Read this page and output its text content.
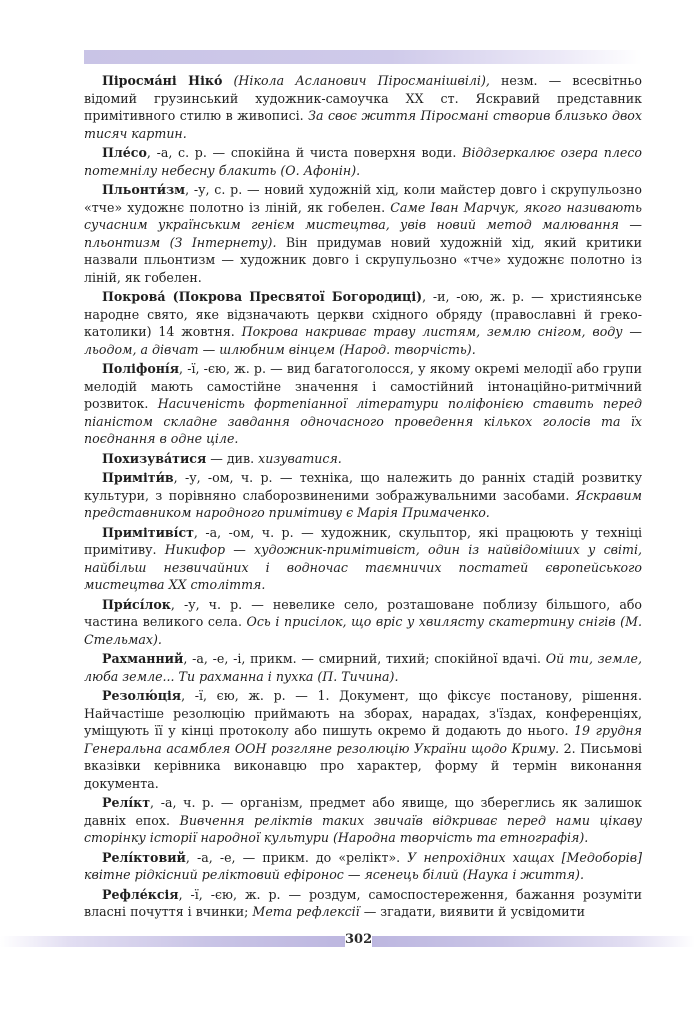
Піросма́ні Ніко́ (Нікола Асланович Піросманішвілі), незм. — всесвітньо відомий грузинський художник-самоучка XX ст. Яскравий представник примітивного стилю в живописі. За своє життя Піросмані створив близько двох тисяч картин.

Пле́со, -а, с. р. — спокійна й чиста поверхня води. Віддзеркалює озера плесо потемнілу небесну блакить (О. Афонін).

Пльонти́зм, -у, с. р. — новий художній хід, коли майстер довго і скрупульозно «тче» художнє полотно із ліній, як гобелен. Саме Іван Марчук, якого називають сучасним українським генієм мистецтва, увів новий метод малювання — пльонтизм (З Інтернету). Він придумав новий художній хід, який критики назвали пльонтизм — художник довго і скрупульозно «тче» художнє полотно із ліній, як гобелен.

Покрова́ (Покрова Пресвятої Богородиці), -и, -ою, ж. р. — християнське народне свято, яке відзначають церкви східного обряду (православні й греко-католики) 14 жовтня. Покрова накриває траву листям, землю снігом, воду — льодом, а дівчат — шлюбним вінцем (Народ. творчість).

Поліфоні́я, -ї, -єю, ж. р. — вид багатоголосся, у якому окремі мелодії або групи мелодій мають самостійне значення і самостійний інтонаційно-ритмічний розвиток. Насиченість фортепіанної літератури поліфонією ставить перед піаністом складне завдання одночасного проведення кількох голосів та їх поєднання в одне ціле.

Похизува́тися — див. хизуватися.

Приміти́в, -у, -ом, ч. р. — техніка, що належить до ранніх стадій розвитку культури, з порівняно слаборозвиненими зображувальними засобами. Яскравим представником народного примітиву є Марія Примаченко.

Примітиві́ст, -а, -ом, ч. р. — художник, скульптор, які працюють у техніці примітиву. Никифор — художник-примітивіст, один із найвідоміших у світі, найбільш незвичайних і водночас таємничих постатей європейського мистецтва XX століття.

При́сі́лок, -у, ч. р. — невелике село, розташоване поблизу більшого, або частина великого села. Ось і присілок, що вріс у хвилясту скатертину снігів (М. Стельмах).

Рахманний, -а, -е, -і, прикм. — смирний, тихий; спокійної вдачі. Ой ти, земле, люба земле... Ти рахманна і пухка (П. Тичина).

Резолю́ція, -ї, єю, ж. р. — 1. Документ, що фіксує постанову, рішення. Найчастіше резолюцію приймають на зборах, нарадах, з'їздах, конференціях, уміщують її у кінці протоколу або пишуть окремо й додають до нього. 19 грудня Генеральна асамблея ООН розгляне резолюцію України щодо Криму. 2. Письмові вказівки керівника виконавцю про характер, форму й термін виконання документа.

Релі́кт, -а, ч. р. — організм, предмет або явище, що збереглись як залишок давніх епох. Вивчення реліктів таких звичаїв відкриває перед нами цікаву сторінку історії народної культури (Народна творчість та етнографія).

Релі́ктовий, -а, -е, — прикм. до «релікт». У непрохідних хащах [Медоборів] квітне рідкісний реліктовий ефіронос — ясенець білий (Наука і життя).

Рефле́ксія, -ї, -єю, ж. р. — роздум, самоспостереження, бажання розуміти власні почуття і вчинки; Мета рефлексії — згадати, виявити й усвідомити

302
